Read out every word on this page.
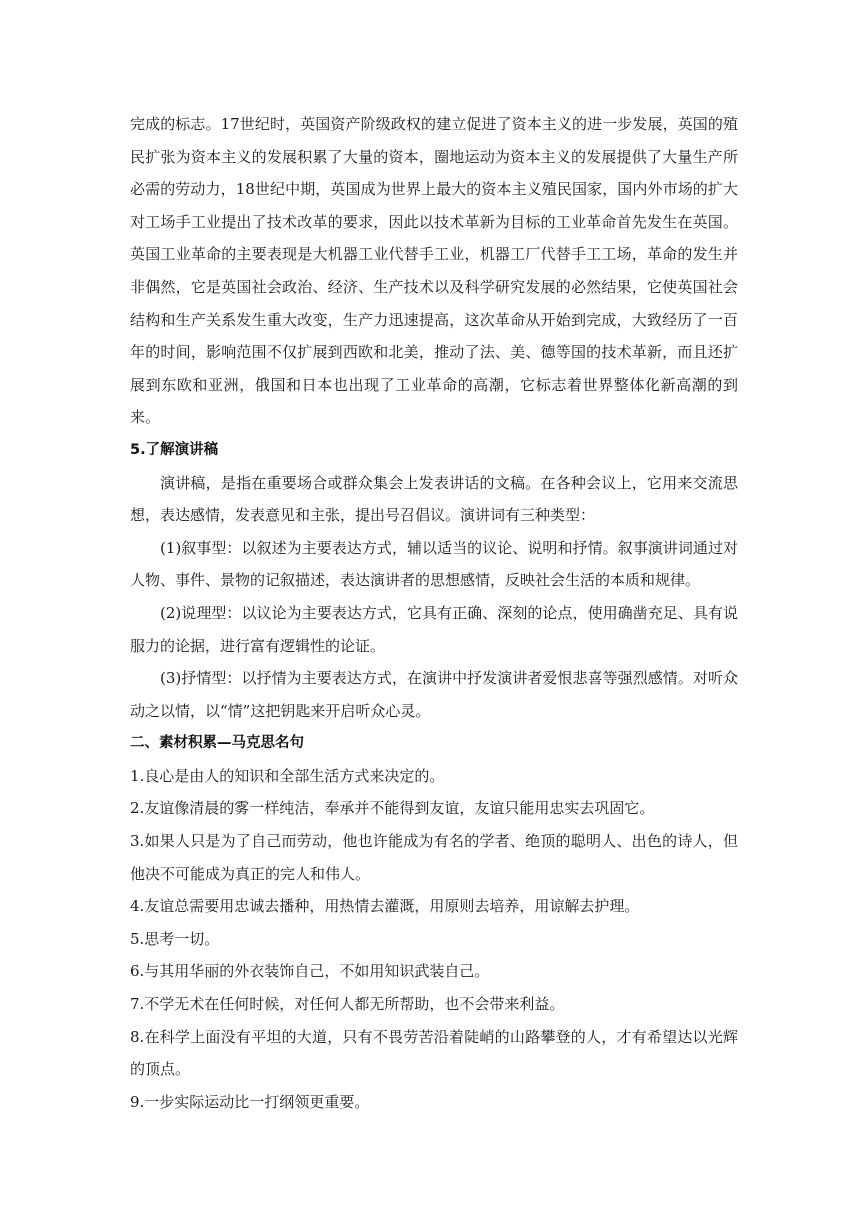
完成的标志。17世纪时，英国资产阶级政权的建立促进了资本主义的进一步发展，英国的殖民扩张为资本主义的发展积累了大量的资本，圈地运动为资本主义的发展提供了大量生产所必需的劳动力，18世纪中期，英国成为世界上最大的资本主义殖民国家，国内外市场的扩大对工场手工业提出了技术改革的要求，因此以技术革新为目标的工业革命首先发生在英国。英国工业革命的主要表现是大机器工业代替手工业，机器工厂代替手工工场，革命的发生并非偶然，它是英国社会政治、经济、生产技术以及科学研究发展的必然结果，它使英国社会结构和生产关系发生重大改变，生产力迅速提高，这次革命从开始到完成，大致经历了一百年的时间，影响范围不仅扩展到西欧和北美，推动了法、美、德等国的技术革新，而且还扩展到东欧和亚洲，俄国和日本也出现了工业革命的高潮，它标志着世界整体化新高潮的到来。

5.了解演讲稿

演讲稿，是指在重要场合或群众集会上发表讲话的文稿。在各种会议上，它用来交流思想，表达感情，发表意见和主张，提出号召倡议。演讲词有三种类型：

(1)叙事型：以叙述为主要表达方式，辅以适当的议论、说明和抒情。叙事演讲词通过对人物、事件、景物的记叙描述，表达演讲者的思想感情，反映社会生活的本质和规律。

(2)说理型：以议论为主要表达方式，它具有正确、深刻的论点，使用确凿充足、具有说服力的论据，进行富有逻辑性的论证。

(3)抒情型：以抒情为主要表达方式，在演讲中抒发演讲者爱恨悲喜等强烈感情。对听众动之以情，以“情”这把钥匙来开启听众心灵。

二、素材积累—马克思名句

1.良心是由人的知识和全部生活方式来决定的。

2.友谊像清晨的雾一样纯洁，奉承并不能得到友谊，友谊只能用忠实去巩固它。

3.如果人只是为了自己而劳动，他也许能成为有名的学者、绝顶的聪明人、出色的诗人，但他决不可能成为真正的完人和伟人。

4.友谊总需要用忠诚去播种，用热情去灌溉，用原则去培养，用谅解去护理。

5.思考一切。

6.与其用华丽的外衣装饰自己，不如用知识武装自己。

7.不学无术在任何时候，对任何人都无所帮助，也不会带来利益。

8.在科学上面没有平坦的大道，只有不畏劳苦沿着陡峭的山路攀登的人，才有希望达以光辉的顶点。

9.一步实际运动比一打纲领更重要。
